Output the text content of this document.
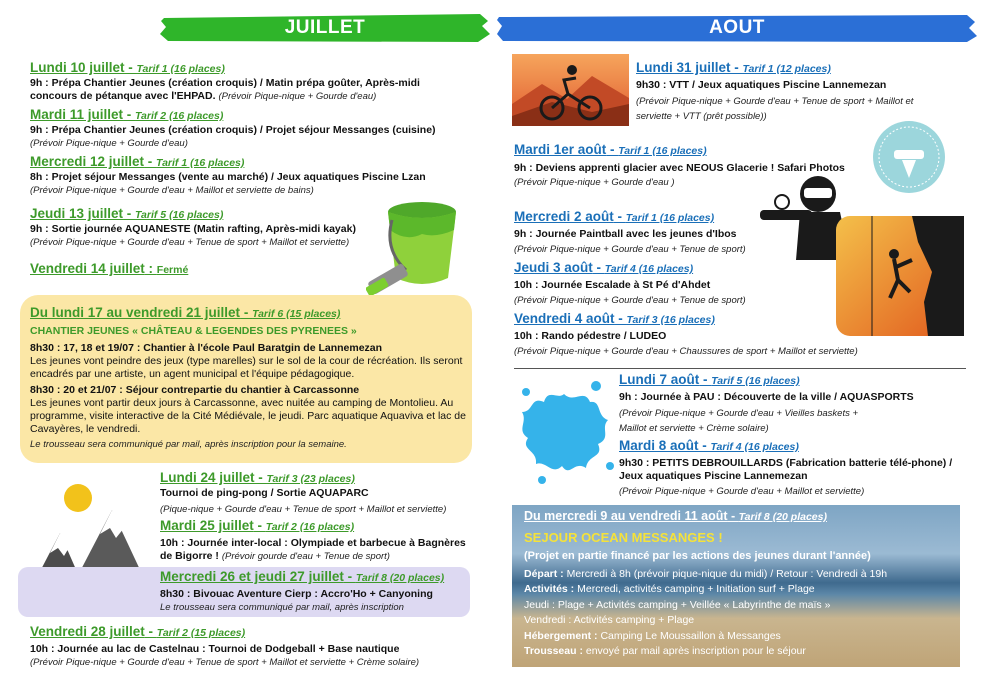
JUILLET	AOUT
Lundi 10 juillet - Tarif 1 (16 places)
9h : Prépa Chantier Jeunes (création croquis) / Matin prépa goûter, Après-midi concours de pétanque avec l'EHPAD. (Prévoir Pique-nique + Gourde d'eau)
Mardi 11 juillet - Tarif 2 (16 places)
9h : Prépa Chantier Jeunes (création croquis) / Projet séjour Messanges (cuisine) (Prévoir Pique-nique + Gourde d'eau)
Mercredi 12 juillet - Tarif 1 (16 places)
8h : Projet séjour Messanges (vente au marché) / Jeux aquatiques Piscine Lzan
(Prévoir Pique-nique + Gourde d'eau + Maillot et serviette de bains)
Jeudi 13 juillet - Tarif 5 (16 places)
9h : Sortie journée AQUANESTE (Matin rafting, Après-midi kayak)
(Prévoir Pique-nique + Gourde d'eau + Tenue de sport + Maillot et serviette)
Vendredi 14 juillet : Fermé
Du lundi 17 au vendredi 21 juillet - Tarif 6 (15 places)
CHANTIER JEUNES « CHÂTEAU & LEGENDES DES PYRENEES »
8h30 : 17, 18 et 19/07 : Chantier à l'école Paul Baratgin de Lannemezan
Les jeunes vont peindre des jeux (type marelles) sur le sol de la cour de récréation. Ils seront encadrés par une artiste, un agent municipal et l'équipe pédagogique.
8h30 : 20 et 21/07 : Séjour contrepartie du chantier à Carcassonne
Les jeunes vont partir deux jours à Carcassonne, avec nuitée au camping de Montolieu. Au programme, visite interactive de la Cité Médiévale, le jeudi. Parc aquatique Aquaviva et lac de Cavayères, le vendredi.
Le trousseau sera communiqué par mail, après inscription pour la semaine.
Lundi 24 juillet - Tarif 3 (23 places)
Tournoi de ping-pong / Sortie AQUAPARC
(Pique-nique + Gourde d'eau + Tenue de sport + Maillot et serviette)
Mardi 25 juillet - Tarif 2 (16 places)
10h : Journée inter-local : Olympiade et barbecue à Bagnères de Bigorre ! (Prévoir gourde d'eau + Tenue de sport)
Mercredi 26 et jeudi 27 juillet - Tarif 8 (20 places)
8h30 : Bivouac Aventure Cierp : Accro'Ho + Canyoning
Le trousseau sera communiqué par mail, après inscription
Vendredi 28 juillet - Tarif 2 (15 places)
10h : Journée au lac de Castelnau : Tournoi de Dodgeball + Base nautique
(Prévoir Pique-nique + Gourde d'eau + Tenue de sport + Maillot et serviette + Crème solaire)
Lundi 31 juillet - Tarif 1 (12 places)
9h30 : VTT / Jeux aquatiques Piscine Lannemezan
(Prévoir Pique-nique + Gourde d'eau + Tenue de sport + Maillot et serviette + VTT (prêt possible))
Mardi 1er août - Tarif 1 (16 places)
9h : Deviens apprenti glacier avec NEOUS Glacerie ! Safari Photos
(Prévoir Pique-nique + Gourde d'eau )
Mercredi 2 août - Tarif 1 (16 places)
9h : Journée Paintball avec les jeunes d'Ibos
(Prévoir Pique-nique + Gourde d'eau + Tenue de sport)
Jeudi 3 août - Tarif 4 (16 places)
10h : Journée Escalade à St Pé d'Ahdet
(Prévoir Pique-nique + Gourde d'eau + Tenue de sport)
Vendredi 4 août - Tarif 3 (16 places)
10h : Rando pédestre / LUDEO
(Prévoir Pique-nique + Gourde d'eau + Chaussures de sport + Maillot et serviette)
Lundi 7 août - Tarif 5 (16 places)
9h : Journée à PAU : Découverte de la ville / AQUASPORTS
(Prévoir Pique-nique + Gourde d'eau + Vieilles baskets + Maillot et serviette + Crème solaire)
Mardi 8 août - Tarif 4 (16 places)
9h30 : PETITS DEBROUILLARDS (Fabrication batterie télé-phone) / Jeux aquatiques Piscine Lannemezan
(Prévoir Pique-nique + Gourde d'eau + Maillot et serviette)
Du mercredi 9 au vendredi 11 août - Tarif 8 (20 places)
SEJOUR OCEAN MESSANGES !
(Projet en partie financé par les actions des jeunes durant l'année)
Départ : Mercredi à 8h (prévoir pique-nique du midi) / Retour : Vendredi à 19h
Activités : Mercredi, activités camping + Initiation surf + Plage
Jeudi : Plage + Activités camping + Veillée « Labyrinthe de maïs »
Vendredi : Activités camping + Plage
Hébergement : Camping Le Moussaillon à Messanges
Trousseau : envoyé par mail après inscription pour le séjour
